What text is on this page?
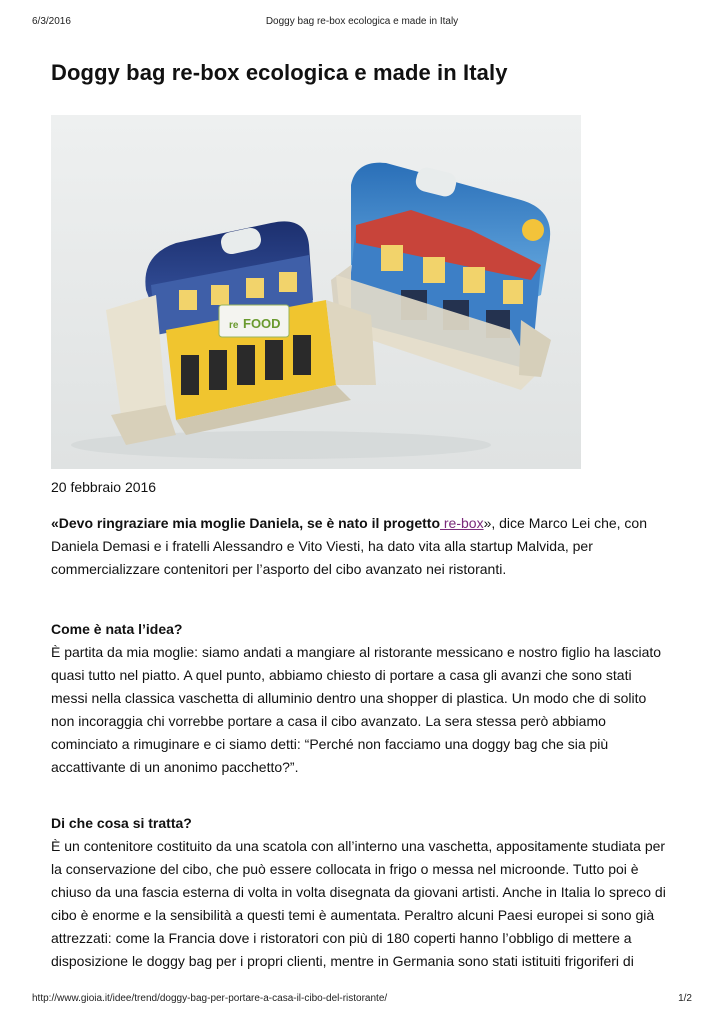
6/3/2016	Doggy bag re-box ecologica e made in Italy
Doggy bag re-box ecologica e made in Italy
re FOOD
20 febbraio 2016
«Devo ringraziare mia moglie Daniela, se è nato il progetto re-box», dice Marco Lei che, con Daniela Demasi e i fratelli Alessandro e Vito Viesti, ha dato vita alla startup Malvida, per commercializzare contenitori per l’asporto del cibo avanzato nei ristoranti.

Come è nata l’idea?

È partita da mia moglie: siamo andati a mangiare al ristorante messicano e nostro figlio ha lasciato quasi tutto nel piatto. A quel punto, abbiamo chiesto di portare a casa gli avanzi che sono stati messi nella classica vaschetta di alluminio dentro una shopper di plastica. Un modo che di solito non incoraggia chi vorrebbe portare a casa il cibo avanzato. La sera stessa però abbiamo cominciato a rimuginare e ci siamo detti: “Perché non facciamo una doggy bag che sia più accattivante di un anonimo pacchetto?”.

Di che cosa si tratta?

È un contenitore costituito da una scatola con all’interno una vaschetta, appositamente studiata per la conservazione del cibo, che può essere collocata in frigo o messa nel microonde. Tutto poi è chiuso da una fascia esterna di volta in volta disegnata da giovani artisti. Anche in Italia lo spreco di cibo è enorme e la sensibilità a questi temi è aumentata. Peraltro alcuni Paesi europei si sono già attrezzati: come la Francia dove i ristoratori con più di 180 coperti hanno l’obbligo di mettere a disposizione le doggy bag per i propri clienti, mentre in Germania sono stati istituiti frigoriferi di

http://www.gioia.it/idee/trend/doggy-bag-per-portare-a-casa-il-cibo-del-ristorante/	1/2
